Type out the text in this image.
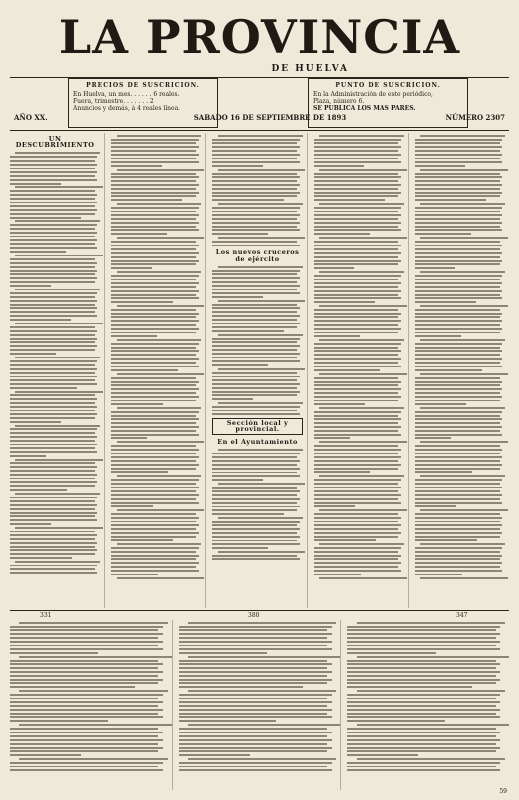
LA PROVINCIA
DE HUELVA
PRECIOS DE SUSCRICION.
En Huelva, un mes. . . . . . 6 reales.
Fuera, trimestre. . . . . . . 2
Anuncios y demás, á 4 reales línea.
PUNTO DE SUSCRICION.
En la Administración de este periódico,
Plaza, número 6.
SE PUBLICA LOS MAS PARES.
AÑO XX.	SABADO 16 DE SEPTIEMBRE DE 1893	NÚMERO 2307
UN DESCUBRIMIENTO
Los nuevos cruceros de ejército
Sección local y provincial.
En el Ayuntamiento
331	380	347
59
